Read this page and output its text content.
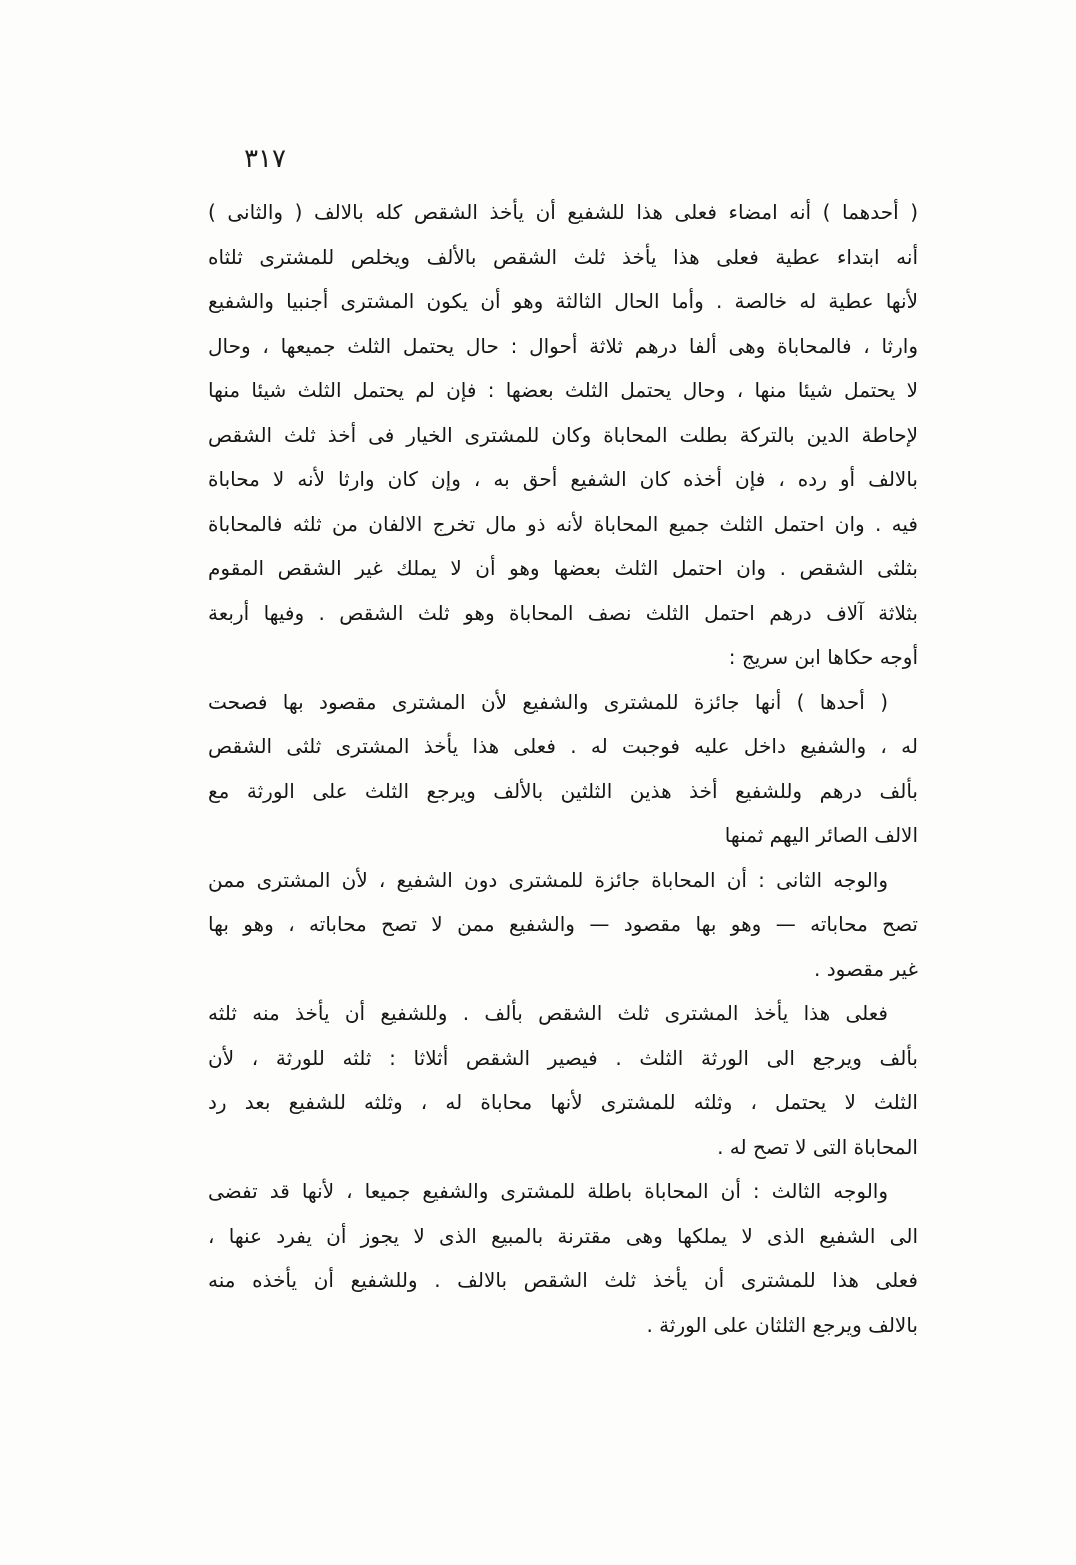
٣١٧
( أحدهما ) أنه امضاء فعلى هذا للشفيع أن يأخذ الشقص كله بالالف ( والثانى )
أنه ابتداء عطية فعلى هذا يأخذ ثلث الشقص بالألف ويخلص للمشترى ثلثاه
لأنها عطية له خالصة . وأما الحال الثالثة وهو أن يكون المشترى أجنبيا والشفيع
وارثا ، فالمحاباة وهى ألفا درهم ثلاثة أحوال : حال يحتمل الثلث جميعها ، وحال
لا يحتمل شيئا منها ، وحال يحتمل الثلث بعضها : فإن لم يحتمل الثلث شيئا منها
لإحاطة الدين بالتركة بطلت المحاباة وكان للمشترى الخيار فى أخذ ثلث الشقص
بالالف أو رده ، فإن أخذه كان الشفيع أحق به ، وإن كان وارثا لأنه لا محاباة
فيه . وان احتمل الثلث جميع المحاباة لأنه ذو مال تخرج الالفان من ثلثه فالمحاباة
بثلثى الشقص . وان احتمل الثلث بعضها وهو أن لا يملك غير الشقص المقوم
بثلاثة آلاف درهم احتمل الثلث نصف المحاباة وهو ثلث الشقص . وفيها أربعة
أوجه حكاها ابن سريج :
( أحدها ) أنها جائزة للمشترى والشفيع لأن المشترى مقصود بها فصحت
له ، والشفيع داخل عليه فوجبت له . فعلى هذا يأخذ المشترى ثلثى الشقص
بألف درهم وللشفيع أخذ هذين الثلثين بالألف ويرجع الثلث على الورثة مع
الالف الصائر اليهم ثمنها
والوجه الثانى : أن المحاباة جائزة للمشترى دون الشفيع ، لأن المشترى ممن
تصح محاباته — وهو بها مقصود — والشفيع ممن لا تصح محاباته ، وهو بها
غير مقصود .
فعلى هذا يأخذ المشترى ثلث الشقص بألف . وللشفيع أن يأخذ منه ثلثه
بألف ويرجع الى الورثة الثلث . فيصير الشقص أثلاثا : ثلثه للورثة ، لأن
الثلث لا يحتمل ، وثلثه للمشترى لأنها محاباة له ، وثلثه للشفيع بعد رد
المحاباة التى لا تصح له .
والوجه الثالث : أن المحاباة باطلة للمشترى والشفيع جميعا ، لأنها قد تفضى
الى الشفيع الذى لا يملكها وهى مقترنة بالمبيع الذى لا يجوز أن يفرد عنها ،
فعلى هذا للمشترى أن يأخذ ثلث الشقص بالالف . وللشفيع أن يأخذه منه
بالالف ويرجع الثلثان على الورثة .
